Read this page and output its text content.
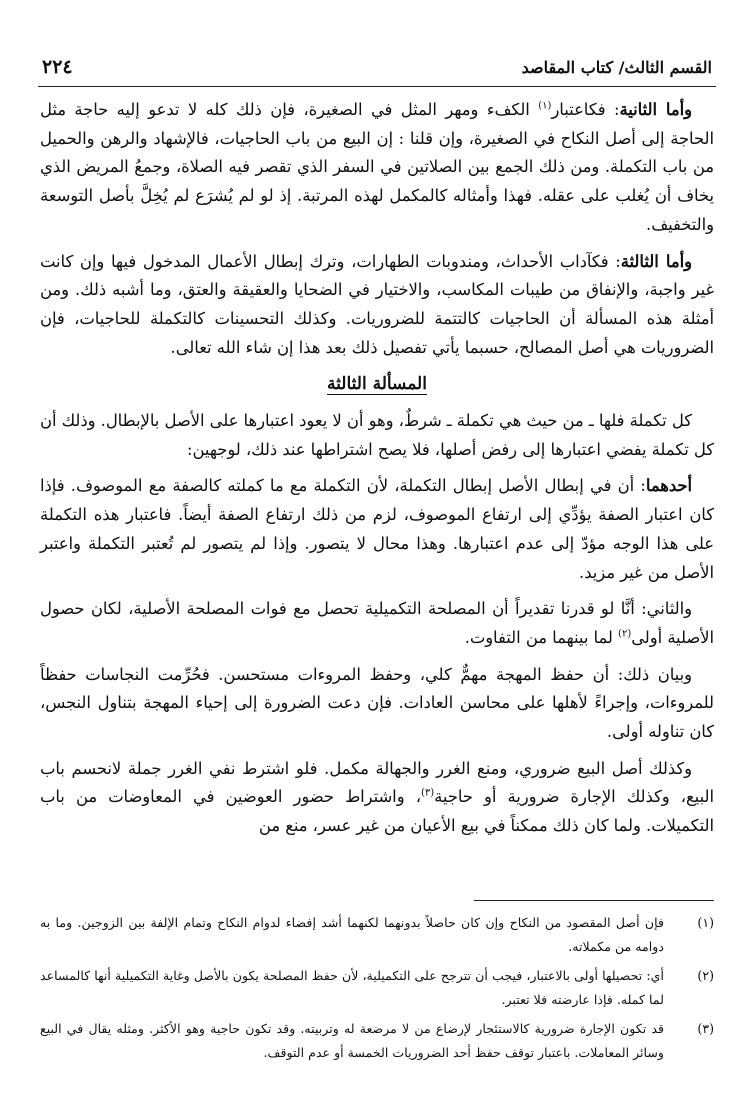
القسم الثالث/ كتاب المقاصد
٢٢٤

وأما الثانية: فكاعتبار$^{(١)}$ الكفء ومهر المثل في الصغيرة، فإن ذلك كله لا تدعو إليه حاجة مثل الحاجة إلى أصل النكاح في الصغيرة، وإن قلنا : إن البيع من باب الحاجيات، فالإشهاد والرهن والحميل من باب التكملة. ومن ذلك الجمع بين الصلاتين في السفر الذي تقصر فيه الصلاة، وجمعُ المريض الذي يخاف أن يُغلب على عقله. فهذا وأمثاله كالمكمل لهذه المرتبة. إذ لو لم يُشرَع لم يُخِلَّ بأصل التوسعة والتخفيف.

وأما الثالثة: فكآداب الأحداث، ومندوبات الطهارات، وترك إبطال الأعمال المدخول فيها وإن كانت غير واجبة، والإنفاق من طيبات المكاسب، والاختيار في الضحايا والعقيقة والعتق، وما أشبه ذلك. ومن أمثلة هذه المسألة أن الحاجيات كالتتمة للضروريات. وكذلك التحسينات كالتكملة للحاجيات، فإن الضروريات هي أصل المصالح، حسبما يأتي تفصيل ذلك بعد هذا إن شاء الله تعالى.

المسألة الثالثة

كل تكملة فلها ـ من حيث هي تكملة ـ شرطٌ، وهو أن لا يعود اعتبارها على الأصل بالإبطال. وذلك أن كل تكملة يفضي اعتبارها إلى رفض أصلها، فلا يصح اشتراطها عند ذلك، لوجهين:

أحدهما: أن في إبطال الأصل إبطال التكملة، لأن التكملة مع ما كملته كالصفة مع الموصوف. فإذا كان اعتبار الصفة يؤدِّي إلى ارتفاع الموصوف، لزم من ذلك ارتفاع الصفة أيضاً. فاعتبار هذه التكملة على هذا الوجه مؤدّ إلى عدم اعتبارها. وهذا محال لا يتصور. وإذا لم يتصور لم تُعتبر التكملة واعتبر الأصل من غير مزيد.

والثاني: أنَّا لو قدرنا تقديراً أن المصلحة التكميلية تحصل مع فوات المصلحة الأصلية، لكان حصول الأصلية أولى$^{(٢)}$ لما بينهما من التفاوت.

وبيان ذلك: أن حفظ المهجة مهمٌّ كلي، وحفظ المروءات مستحسن. فحُرِّمت النجاسات حفظاً للمروءات، وإجراءً لأهلها على محاسن العادات. فإن دعت الضرورة إلى إحياء المهجة بتناول النجس، كان تناوله أولى.

وكذلك أصل البيع ضروري، ومنع الغرر والجهالة مكمل. فلو اشترط نفي الغرر جملة لانحسم باب البيع، وكذلك الإجارة ضرورية أو حاجية$^{(٣)}$، واشتراط حضور العوضين في المعاوضات من باب التكميلات. ولما كان ذلك ممكناً في بيع الأعيان من غير عسر، منع من

(١)
فإن أصل المقصود من النكاح وإن كان حاصلاً بدونهما لكنهما أشد إفضاء لدوام النكاح وتمام الإلفة بين الزوجين. وما به دوامه من مكملاته.
(٢)
أي: تحصيلها أولى بالاعتبار، فيجب أن تترجح على التكميلية، لأن حفظ المصلحة يكون بالأصل وغاية التكميلية أنها كالمساعد لما كمله. فإذا عارضته فلا تعتبر.
(٣)
قد تكون الإجارة ضرورية كالاستئجار لإرضاع من لا مرضعة له وتربيته. وقد تكون حاجية وهو الأكثر. ومثله يقال في البيع وسائر المعاملات. باعتبار توقف حفظ أحد الضروريات الخمسة أو عدم التوقف.
